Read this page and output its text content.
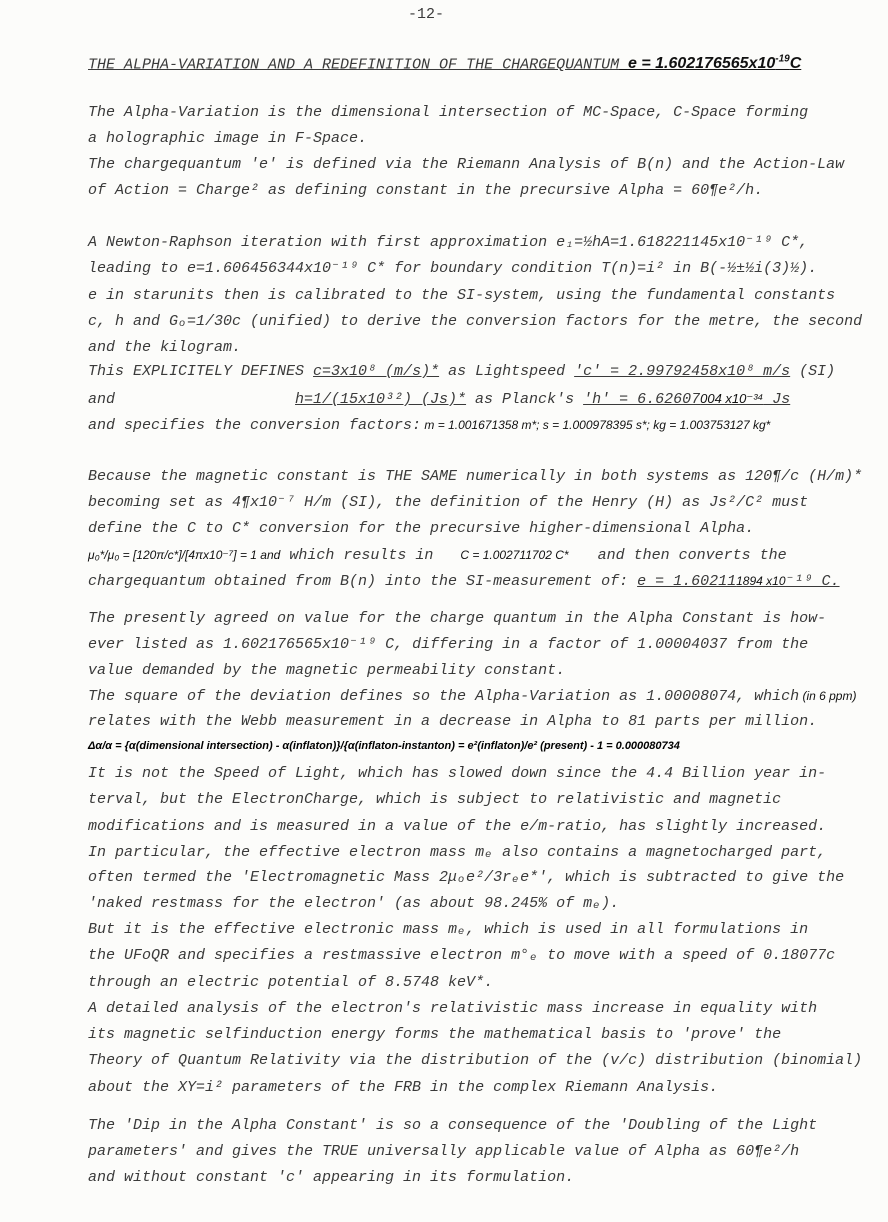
-12-
THE ALPHA-VARIATION AND A REDEFINITION OF THE CHARGEQUANTUM $e = 1.602176565x10^{-19}C$
The Alpha-Variation is the dimensional intersection of MC-Space, C-Space forming
a holographic image in F-Space.
The chargequantum 'e' is defined via the Riemann Analysis of B(n) and the Action-Law
of Action = Charge² as defining constant in the precursive Alpha = 60¶e²/h.
A Newton-Raphson iteration with first approximation e₁=½hA=1.618221145x10⁻¹⁹ C*,
leading to e=1.606456344x10⁻¹⁹ C* for boundary condition T(n)=i² in B(-½±½i(3)½).
e in starunits then is calibrated to the SI-system, using the fundamental constants
c, h and Gₒ=1/30c (unified) to derive the conversion factors for the metre, the second
and the kilogram.
This EXPLICITELY DEFINES c=3x10⁸ (m/s)* as Lightspeed 'c' = 2.99792458x10⁸ m/s (SI)
and	h=1/(15x10³²) (Js)* as Planck's 'h' = 6.62607004 x10⁻³⁴ Js
and specifies the conversion factors: m = 1.001671358 m*; s = 1.000978395 s*; kg = 1.003753127 kg*
Because the magnetic constant is THE SAME numerically in both systems as 120¶/c (H/m)*
becoming set as 4¶x10⁻⁷ H/m (SI), the definition of the Henry (H) as Js²/C² must
define the C to C* conversion for the precursive higher-dimensional Alpha.
μ₀*/μ₀ = [120π/c*]/[4πx10⁻⁷] = 1 and which results in C = 1.002711702 C* and then converts the
chargequantum obtained from B(n) into the SI-measurement of: e = 1.602111894 x10⁻¹⁹ C.
The presently agreed on value for the charge quantum in the Alpha Constant is how-
ever listed as 1.602176565x10⁻¹⁹ C, differing in a factor of 1.00004037 from the
value demanded by the magnetic permeability constant.
The square of the deviation defines so the Alpha-Variation as 1.00008074, which (in 6 ppm)
relates with the Webb measurement in a decrease in Alpha to 81 parts per million.
Δα/α = {α(dimensional intersection) - α(inflaton)}/{α(inflaton-instanton) = e²(inflaton)/e² (present) - 1 = 0.000080734
It is not the Speed of Light, which has slowed down since the 4.4 Billion year in-
terval, but the ElectronCharge, which is subject to relativistic and magnetic
modifications and is measured in a value of the e/m-ratio, has slightly increased.
In particular, the effective electron mass mₑ also contains a magnetocharged part,
often termed the 'Electromagnetic Mass 2μₒe²/3rₑe*', which is subtracted to give the
'naked restmass for the electron' (as about 98.245% of mₑ).
But it is the effective electronic mass mₑ, which is used in all formulations in
the UFoQR and specifies a restmassive electron m°ₑ to move with a speed of 0.18077c
through an electric potential of 8.5748 keV*.
A detailed analysis of the electron's relativistic mass increase in equality with
its magnetic selfinduction energy forms the mathematical basis to 'prove' the
Theory of Quantum Relativity via the distribution of the (v/c) distribution (binomial)
about the XY=i² parameters of the FRB in the complex Riemann Analysis.
The 'Dip in the Alpha Constant' is so a consequence of the 'Doubling of the Light
parameters' and gives the TRUE universally applicable value of Alpha as 60¶e²/h
and without constant 'c' appearing in its formulation.
